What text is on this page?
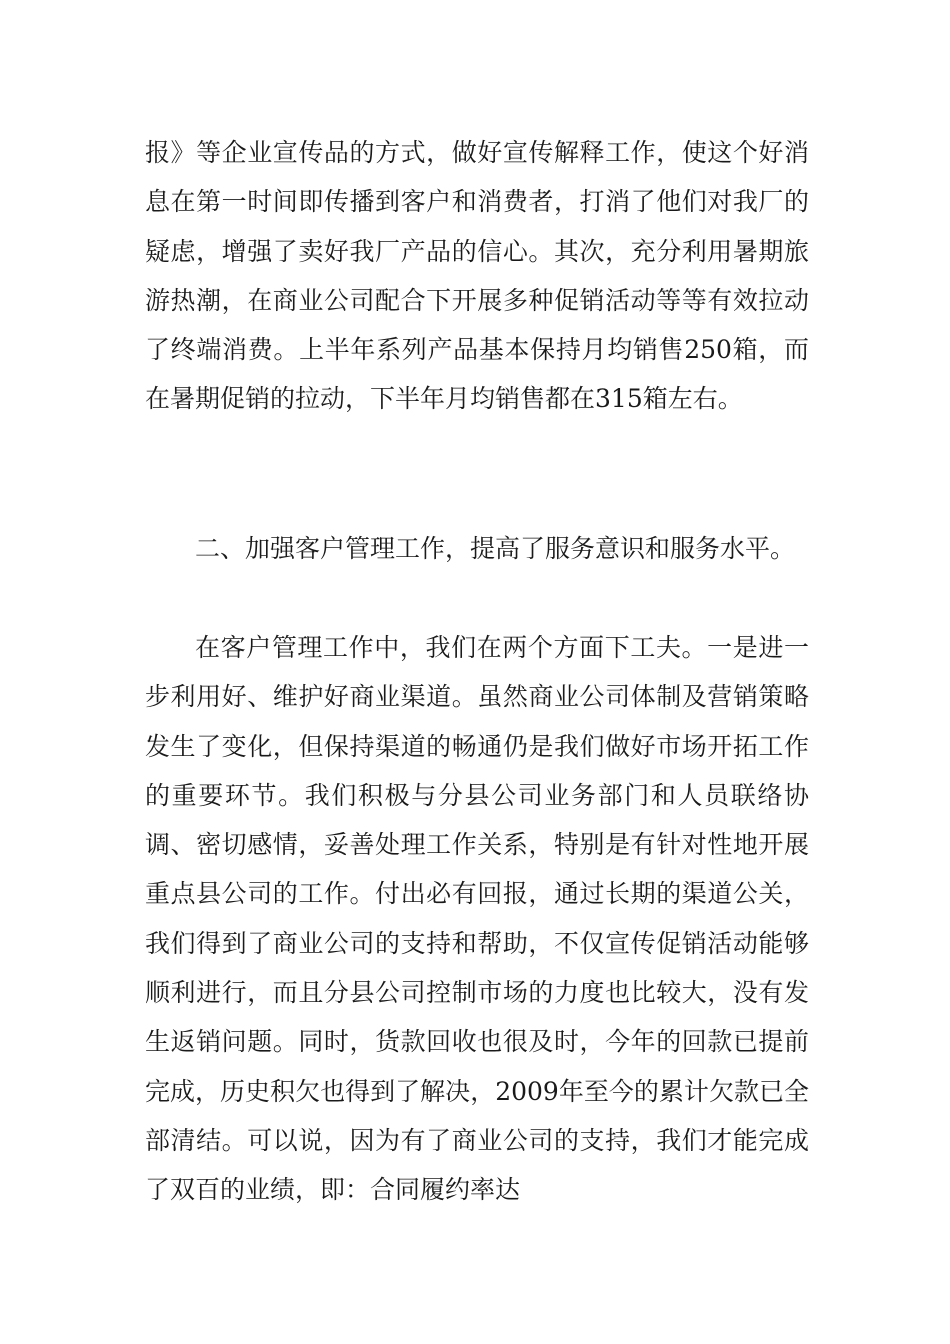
报》等企业宣传品的方式，做好宣传解释工作，使这个好消息在第一时间即传播到客户和消费者，打消了他们对我厂的疑虑，增强了卖好我厂产品的信心。其次，充分利用暑期旅游热潮，在商业公司配合下开展多种促销活动等等有效拉动了终端消费。上半年系列产品基本保持月均销售250箱，而在暑期促销的拉动，下半年月均销售都在315箱左右。

二、加强客户管理工作，提高了服务意识和服务水平。

在客户管理工作中，我们在两个方面下工夫。一是进一步利用好、维护好商业渠道。虽然商业公司体制及营销策略发生了变化，但保持渠道的畅通仍是我们做好市场开拓工作的重要环节。我们积极与分县公司业务部门和人员联络协调、密切感情，妥善处理工作关系，特别是有针对性地开展重点县公司的工作。付出必有回报，通过长期的渠道公关，我们得到了商业公司的支持和帮助，不仅宣传促销活动能够顺利进行，而且分县公司控制市场的力度也比较大，没有发生返销问题。同时，货款回收也很及时，今年的回款已提前完成，历史积欠也得到了解决，2009年至今的累计欠款已全部清结。可以说，因为有了商业公司的支持，我们才能完成了双百的业绩，即：合同履约率达
